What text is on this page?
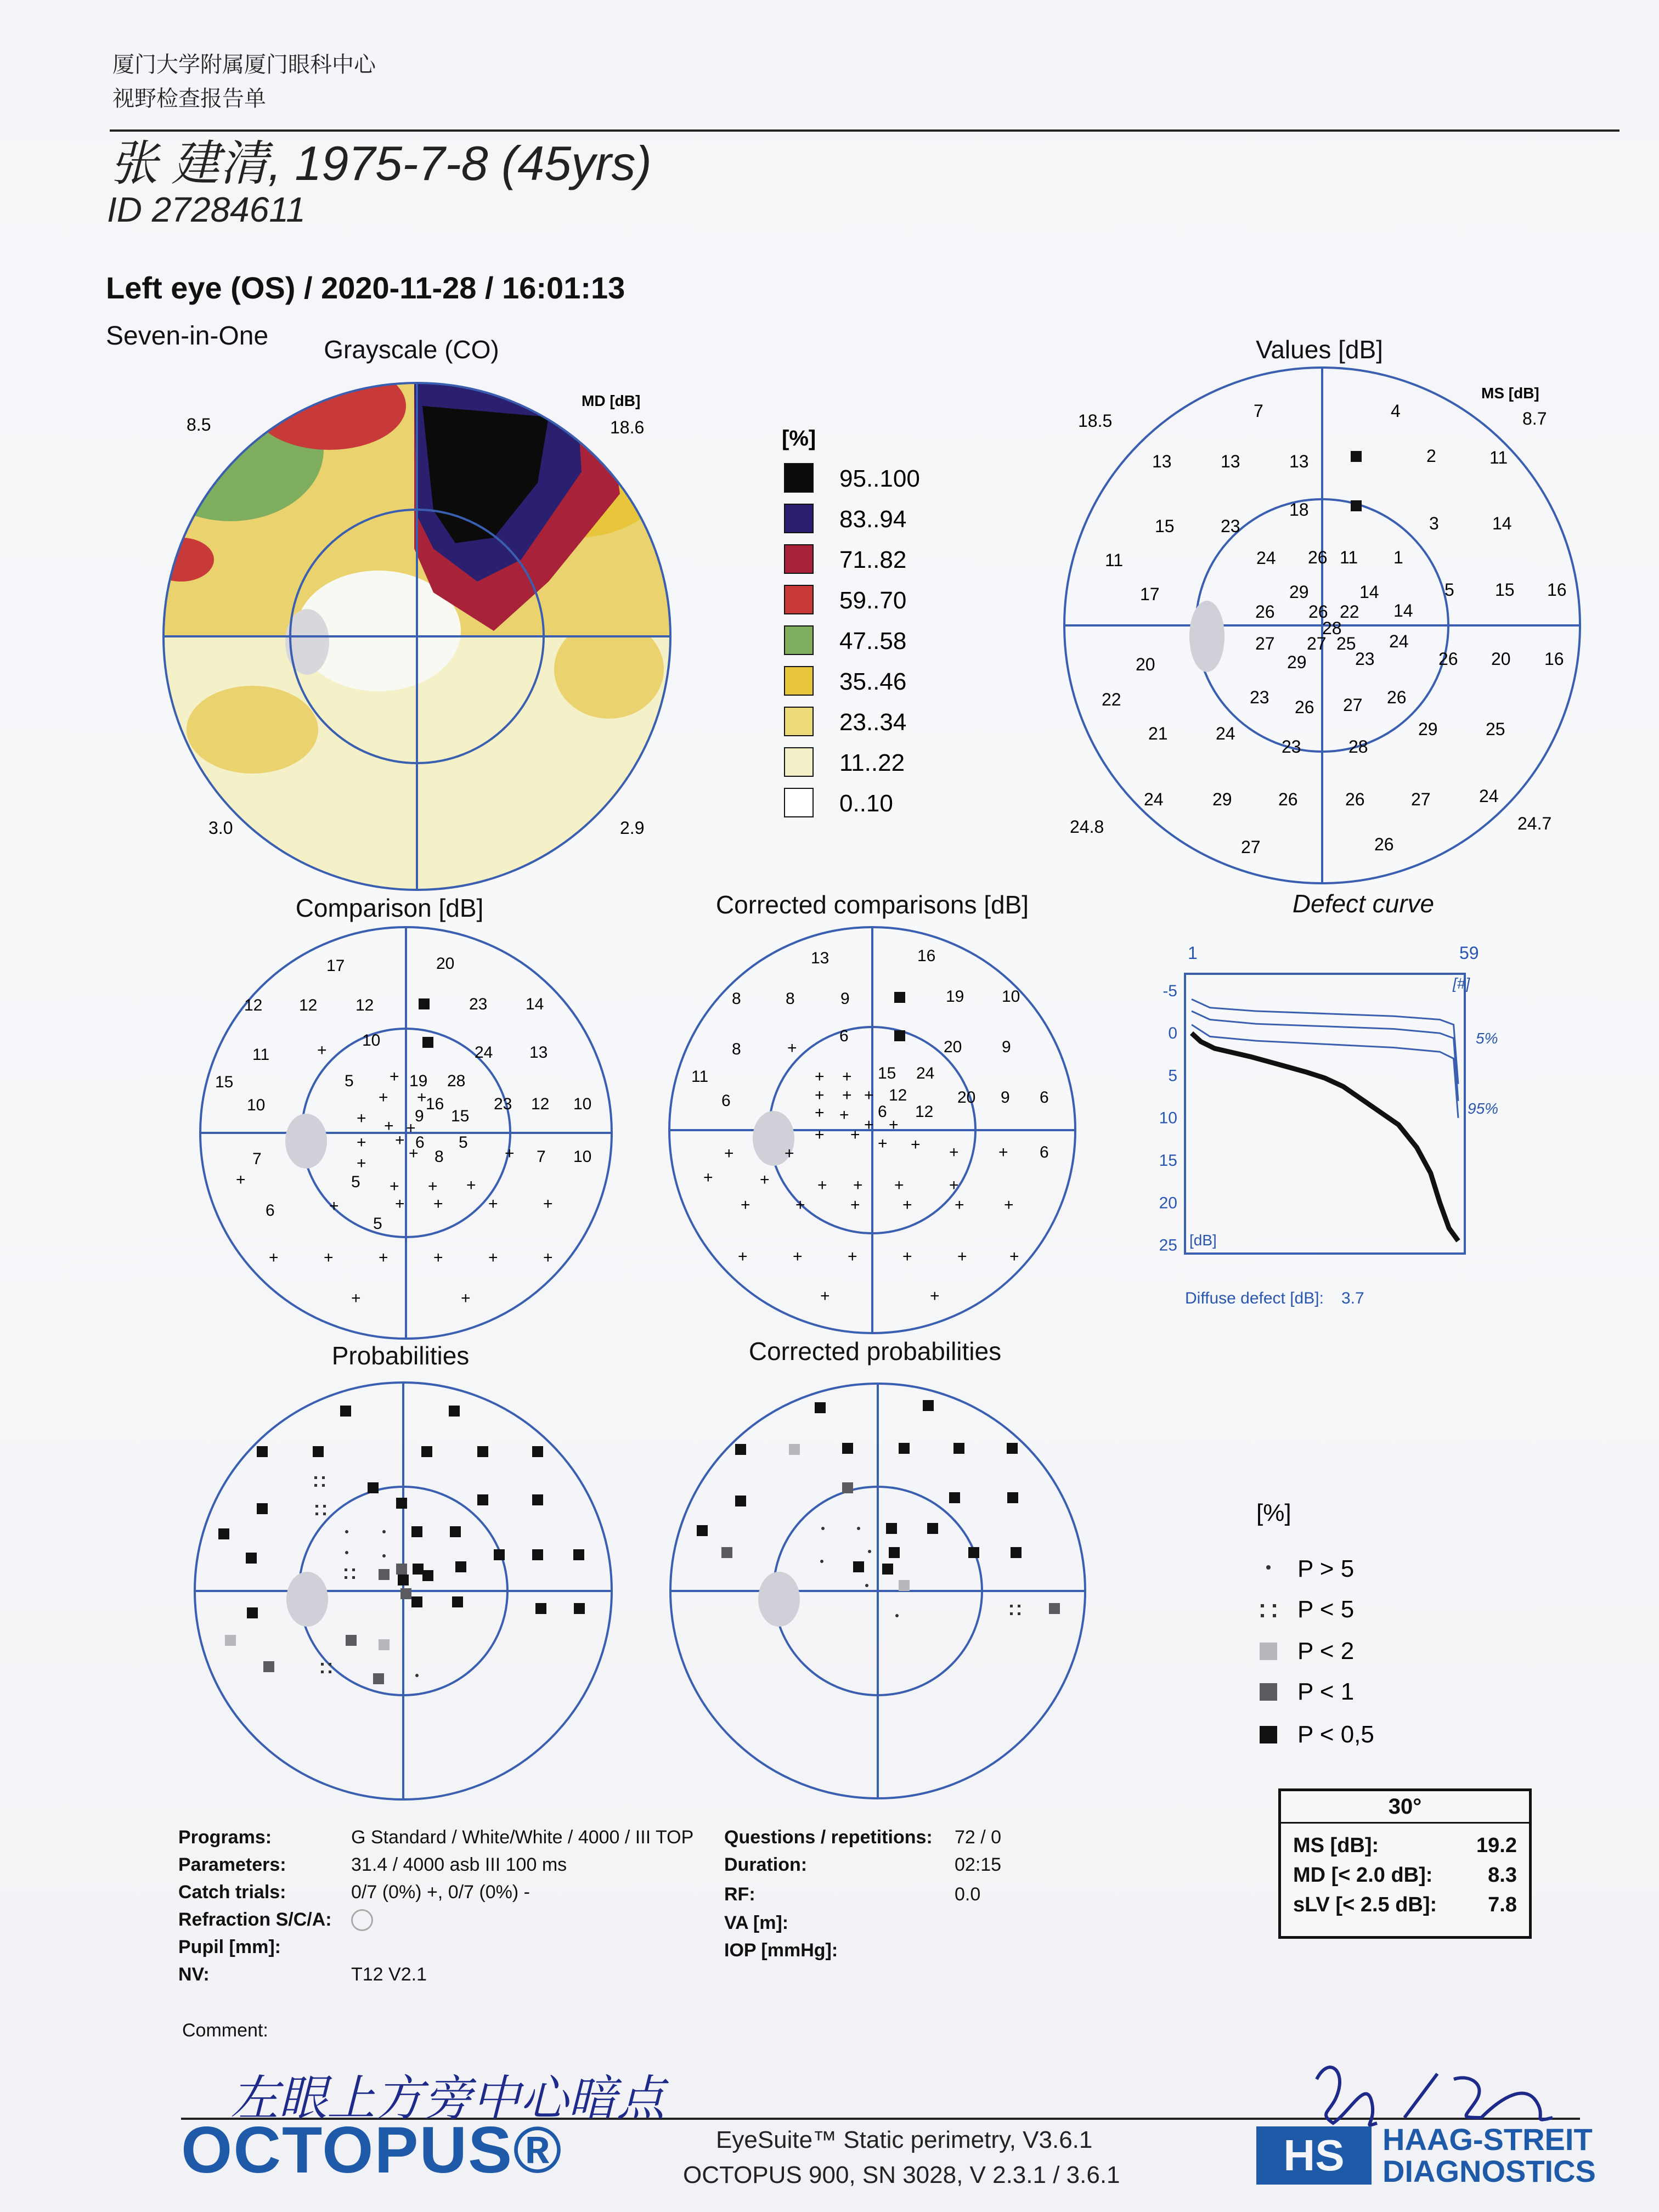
厦门大学附属厦门眼科中心
视野检查报告单
张 建清, 1975-7-8 (45yrs)
ID 27284611
Left eye (OS) / 2020-11-28 / 16:01:13
Seven-in-One Grayscale (CO)	Values [dB]
Comparison [dB]	Corrected comparisons [dB]	Defect curve
Probabilities	Corrected probabilities
8.5
MD [dB]
18.6
3.0	2.9
[%]
95..100
83..94
71..82
59..70
47..58
35..46
23..34
11..22
0..10
7	4
13	13	13	2	11
18
15	23	3	14
11	24 26 11 1
17	29	14	5 15 16
26 26 22 14
28
27 27 25 24
20	29	23	26 20 16
22	23 26 27 26
21	24
23	28
29	25
24	29	26	26	27	24
27	26
MS [dB]
18.5	8.7
24.8	24.7
17	20
12 12 12	23 14
11
10
24 13
15	5	19 28
10	16	23 12 10
9 15
7
6
8
5
7 10
5
6
5
+
+
+ +
+ + +
+ +
+
+
+
+	+ + +
+	+ +	+	+
+	+	+	+	+	+
+	+
13	16
8	8	9	19 10
8
6
20 9
11	15 24
6	12	20 9 6
6 12
6
+
+ +
+ + +
+ +
+ +
+ + + + + +
+	+
+	+	+ + +	+
+	+	+	+	+ +
+	+	+	+	+	+
+	+
-5
0
5
10
15
20
25
1	59
[#]
[dB]
5%
95%
Diffuse defect [dB]: 3.7
[%]
P > 5
P < 5
P < 2
P < 1
P < 0,5
左眼上方旁中心暗点
Programs:	G Standard / White/White / 4000 / III TOP
Parameters:	31.4 / 4000 asb III 100 ms
Catch trials:	0/7 (0%) +, 0/7 (0%) -
Refraction S/C/A:
Pupil [mm]:
NV:	T12 V2.1
Comment:
Questions / repetitions: 72 / 0
Duration:	02:15
RF:	0.0
VA [m]:
IOP [mmHg]:
30°
MS [dB]:	19.2
MD [< 2.0 dB]:	8.3
sLV [< 2.5 dB]: 7.8
OCTOPUS®	EyeSuite™ Static perimetry, V3.6.1
OCTOPUS 900, SN 3028, V 2.3.1 / 3.6.1	HS	HAAG-STREIT
DIAGNOSTICS
